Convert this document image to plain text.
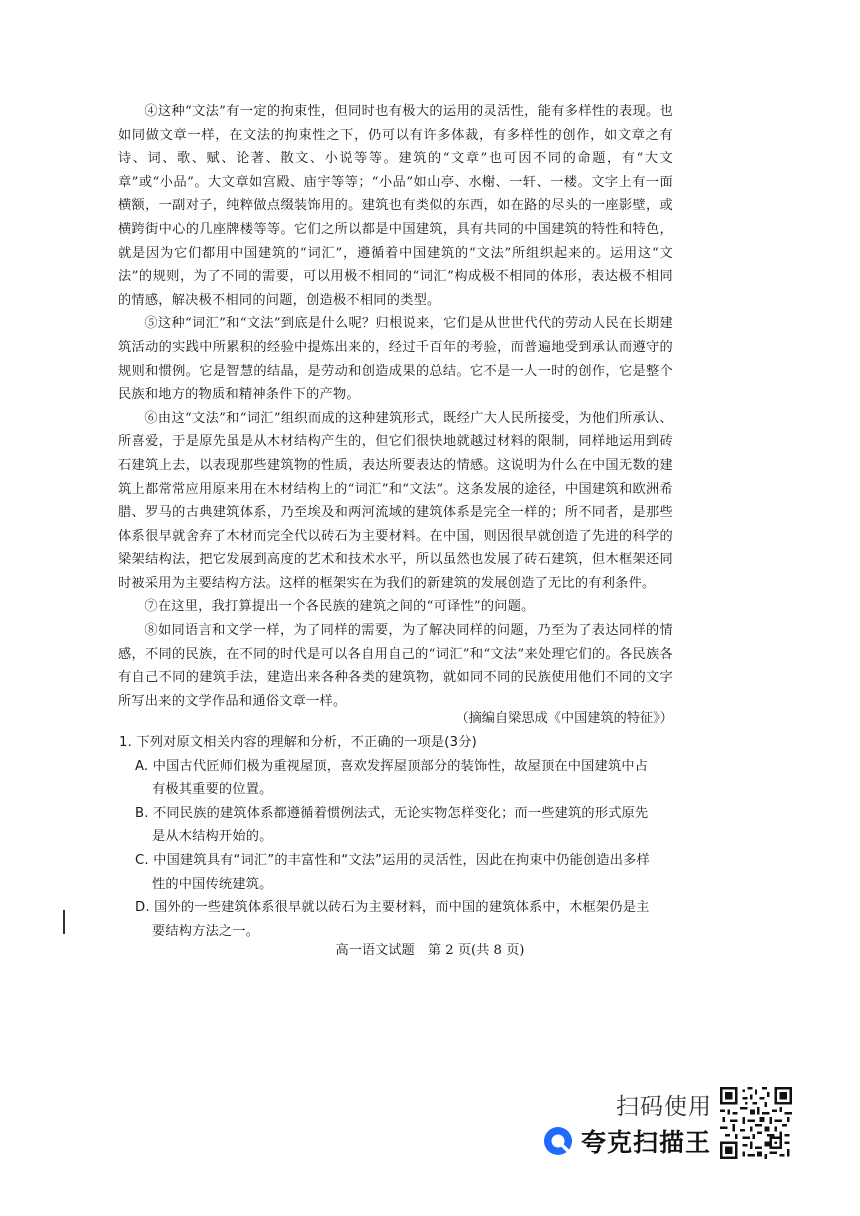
④这种“文法”有一定的拘束性，但同时也有极大的运用的灵活性，能有多样性的表现。也如同做文章一样，在文法的拘束性之下，仍可以有许多体裁，有多样性的创作，如文章之有诗、词、歌、赋、论著、散文、小说等等。建筑的“文章”也可因不同的命题，有“大文章”或“小品”。大文章如宫殿、庙宇等等；“小品”如山亭、水榭、一轩、一楼。文字上有一面横额，一副对子，纯粹做点缀装饰用的。建筑也有类似的东西，如在路的尽头的一座影壁，或横跨街中心的几座牌楼等等。它们之所以都是中国建筑，具有共同的中国建筑的特性和特色，就是因为它们都用中国建筑的“词汇”，遵循着中国建筑的“文法”所组织起来的。运用这“文法”的规则，为了不同的需要，可以用极不相同的“词汇”构成极不相同的体形，表达极不相同的情感，解决极不相同的问题，创造极不相同的类型。

⑤这种“词汇”和“文法”到底是什么呢？归根说来，它们是从世世代代的劳动人民在长期建筑活动的实践中所累积的经验中提炼出来的，经过千百年的考验，而普遍地受到承认而遵守的规则和惯例。它是智慧的结晶，是劳动和创造成果的总结。它不是一人一时的创作，它是整个民族和地方的物质和精神条件下的产物。

⑥由这“文法”和“词汇”组织而成的这种建筑形式，既经广大人民所接受，为他们所承认、所喜爱，于是原先虽是从木材结构产生的，但它们很快地就越过材料的限制，同样地运用到砖石建筑上去，以表现那些建筑物的性质，表达所要表达的情感。这说明为什么在中国无数的建筑上都常常应用原来用在木材结构上的“词汇”和“文法”。这条发展的途径，中国建筑和欧洲希腊、罗马的古典建筑体系，乃至埃及和两河流域的建筑体系是完全一样的；所不同者，是那些体系很早就舍弃了木材而完全代以砖石为主要材料。在中国，则因很早就创造了先进的科学的梁架结构法，把它发展到高度的艺术和技术水平，所以虽然也发展了砖石建筑，但木框架还同时被采用为主要结构方法。这样的框架实在为我们的新建筑的发展创造了无比的有利条件。

⑦在这里，我打算提出一个各民族的建筑之间的“可译性”的问题。

⑧如同语言和文学一样，为了同样的需要，为了解决同样的问题，乃至为了表达同样的情感，不同的民族，在不同的时代是可以各自用自己的“词汇”和“文法”来处理它们的。各民族各有自己不同的建筑手法，建造出来各种各类的建筑物，就如同不同的民族使用他们不同的文字所写出来的文学作品和通俗文章一样。

（摘编自梁思成《中国建筑的特征》）

1. 下列对原文相关内容的理解和分析，不正确的一项是(3分)

A. 中国古代匠师们极为重视屋顶，喜欢发挥屋顶部分的装饰性，故屋顶在中国建筑中占
有极其重要的位置。
B. 不同民族的建筑体系都遵循着惯例法式，无论实物怎样变化；而一些建筑的形式原先
是从木结构开始的。
C. 中国建筑具有“词汇”的丰富性和“文法”运用的灵活性，因此在拘束中仍能创造出多样
性的中国传统建筑。
D. 国外的一些建筑体系很早就以砖石为主要材料，而中国的建筑体系中，木框架仍是主
要结构方法之一。
高一语文试题　第 2 页(共 8 页)
扫码使用
夸克扫描王
